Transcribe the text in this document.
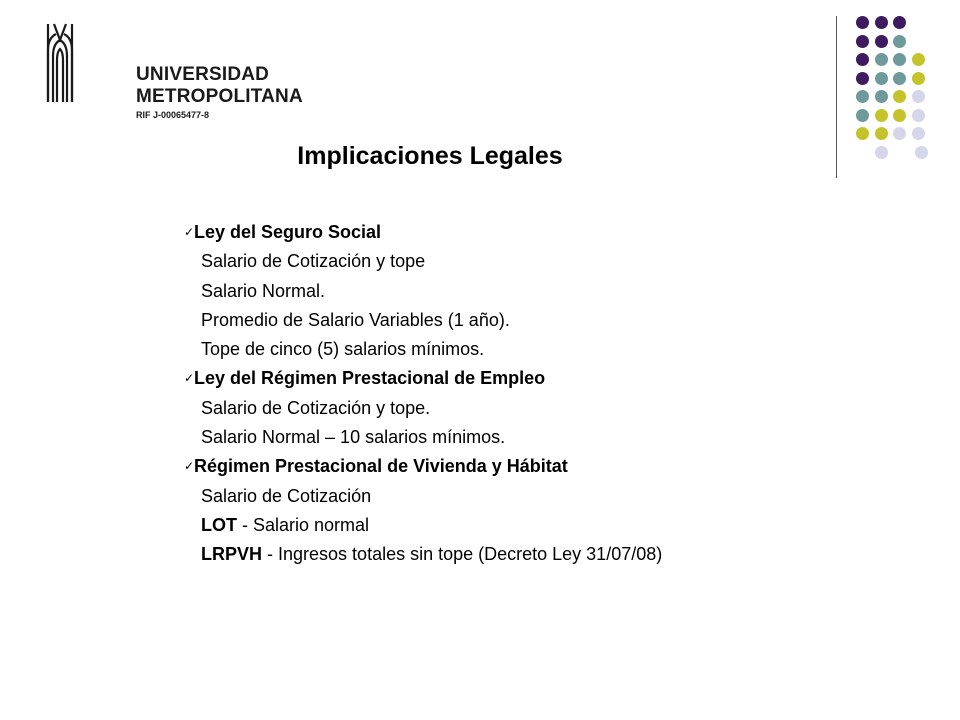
UNIVERSIDAD
METROPOLITANA
RIF J-00065477-8
Implicaciones Legales
✓Ley del Seguro Social
Salario de Cotización y tope
Salario Normal.
Promedio de Salario Variables (1 año).
Tope de cinco (5) salarios mínimos.
✓Ley del Régimen Prestacional de Empleo
Salario de Cotización y tope.
Salario Normal – 10 salarios mínimos.
✓Régimen Prestacional de Vivienda y Hábitat
Salario de Cotización
LOT - Salario normal
LRPVH - Ingresos totales sin tope (Decreto Ley 31/07/08)
